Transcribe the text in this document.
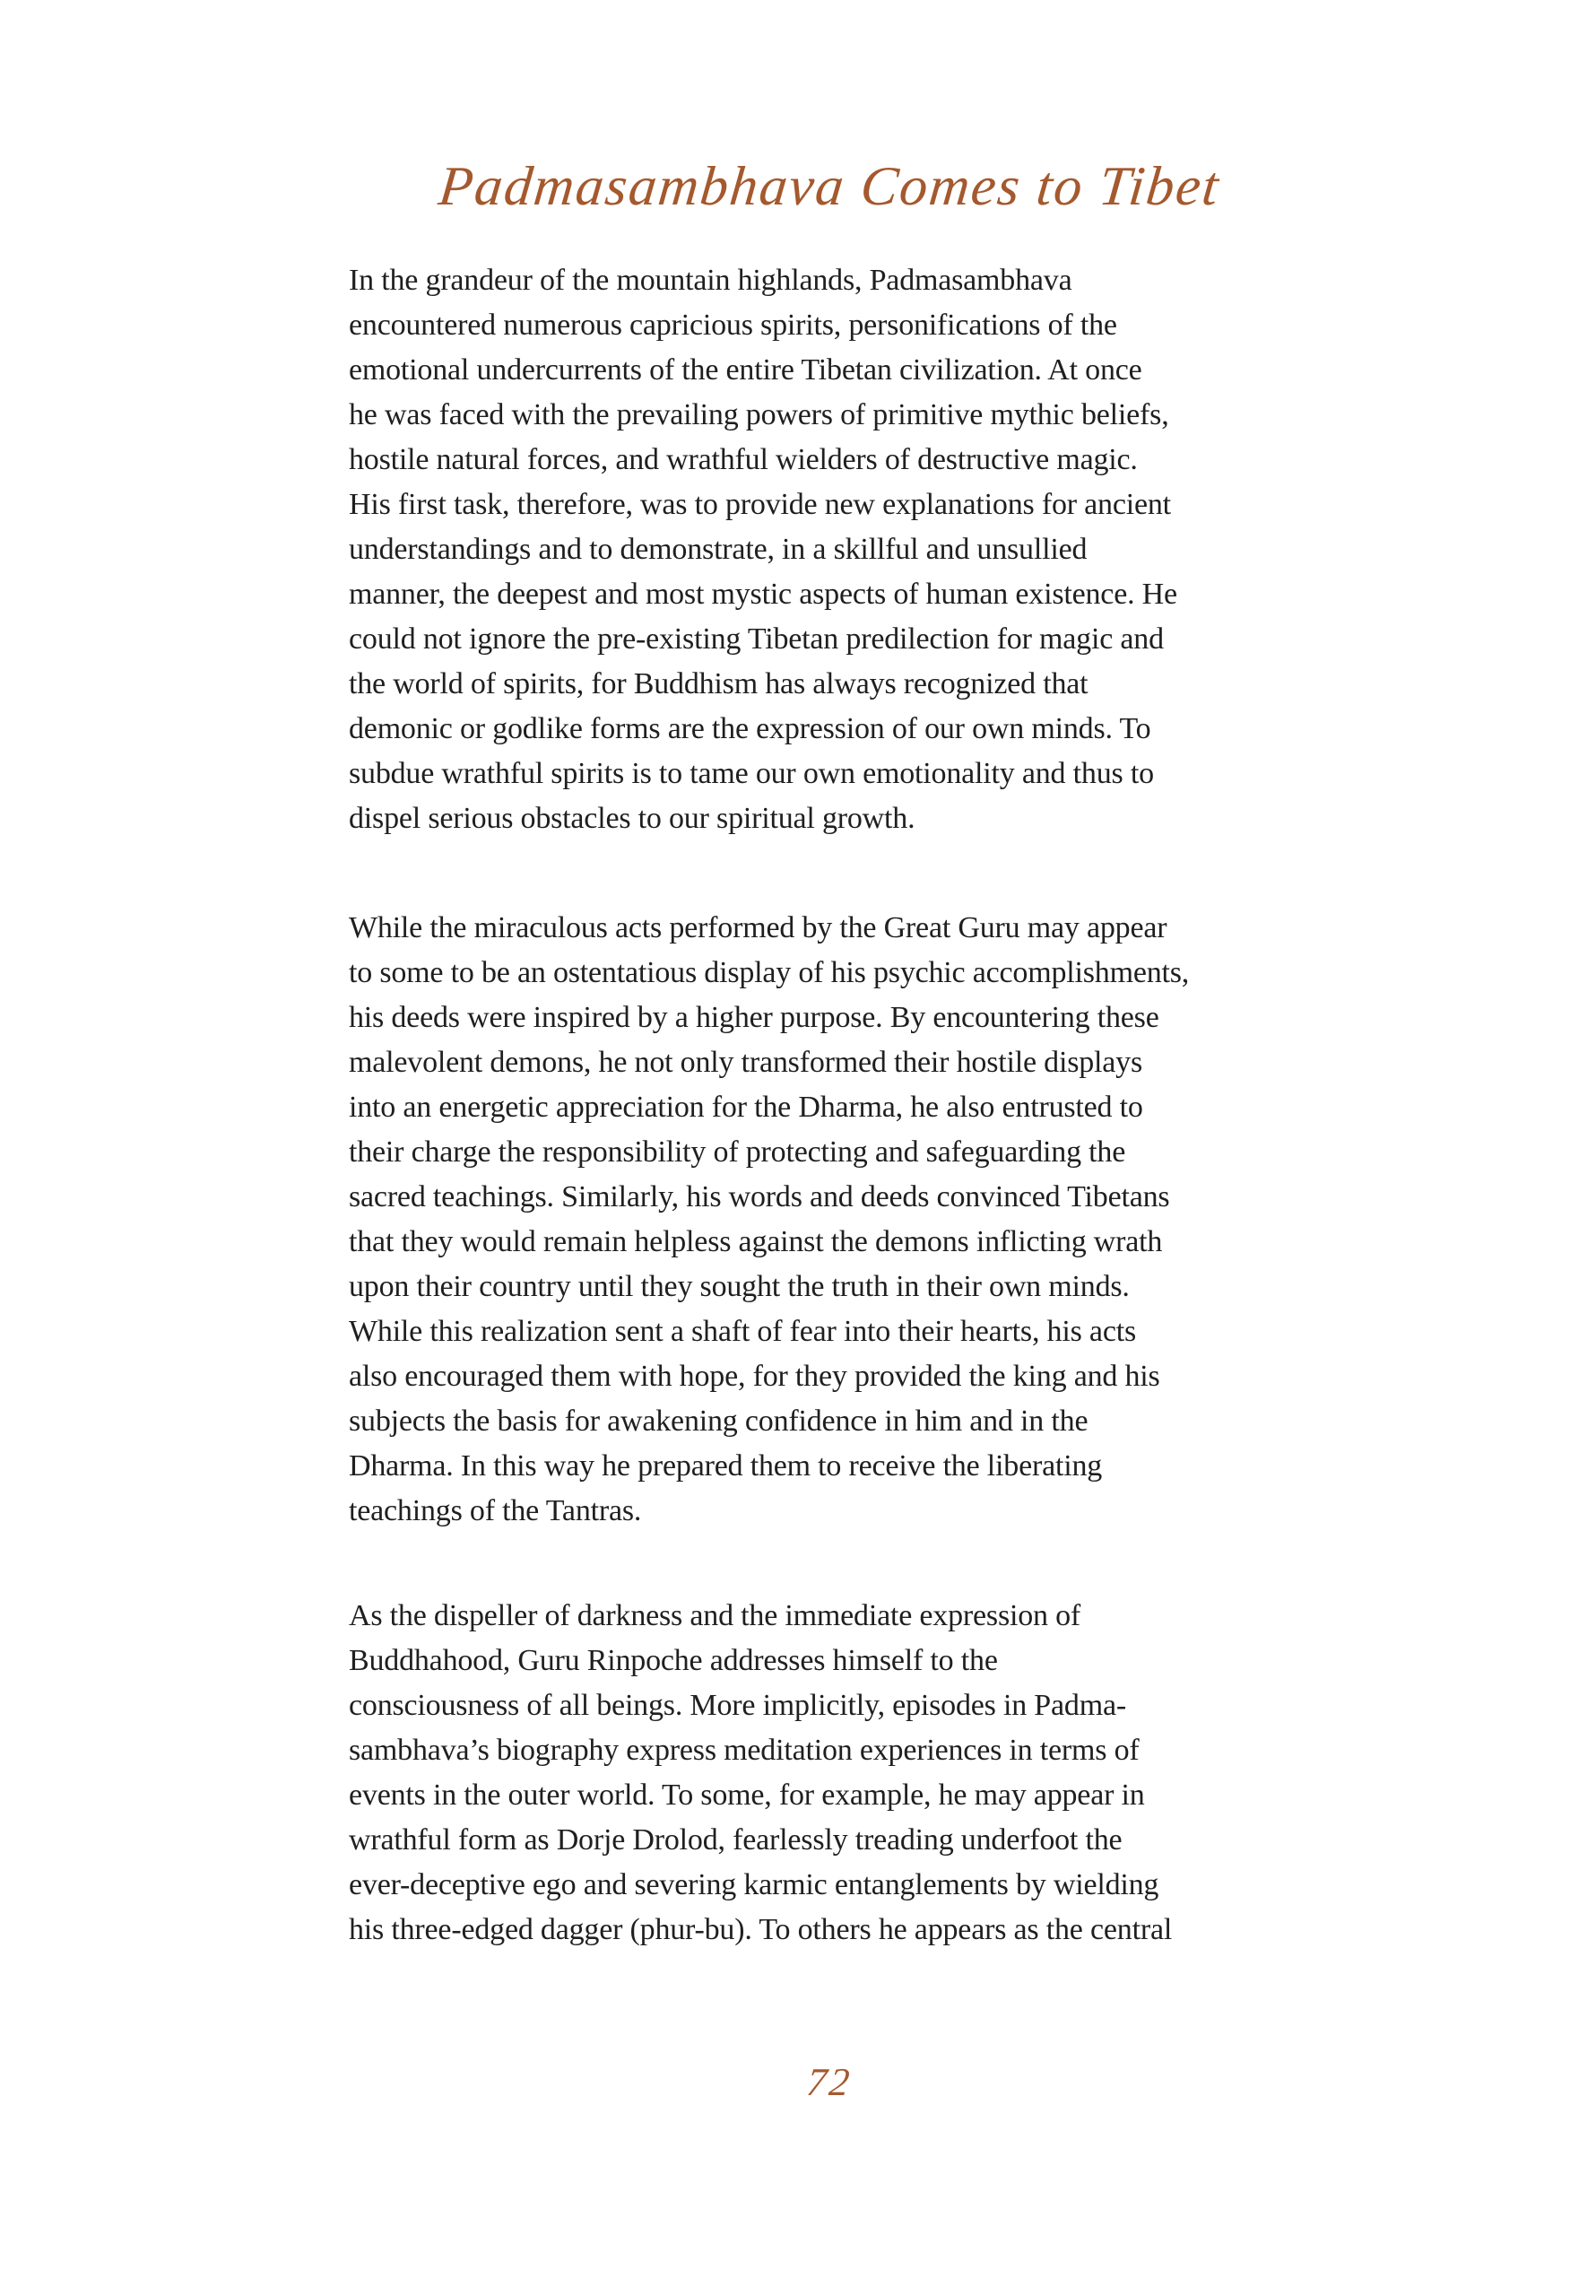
Padmasambhava Comes to Tibet

In the grandeur of the mountain highlands, Padmasambhava
encountered numerous capricious spirits, personifications of the
emotional undercurrents of the entire Tibetan civilization. At once
he was faced with the prevailing powers of primitive mythic beliefs,
hostile natural forces, and wrathful wielders of destructive magic.
His first task, therefore, was to provide new explanations for ancient
understandings and to demonstrate, in a skillful and unsullied
manner, the deepest and most mystic aspects of human existence. He
could not ignore the pre-existing Tibetan predilection for magic and
the world of spirits, for Buddhism has always recognized that
demonic or godlike forms are the expression of our own minds. To
subdue wrathful spirits is to tame our own emotionality and thus to
dispel serious obstacles to our spiritual growth.

While the miraculous acts performed by the Great Guru may appear
to some to be an ostentatious display of his psychic accomplishments,
his deeds were inspired by a higher purpose. By encountering these
malevolent demons, he not only transformed their hostile displays
into an energetic appreciation for the Dharma, he also entrusted to
their charge the responsibility of protecting and safeguarding the
sacred teachings. Similarly, his words and deeds convinced Tibetans
that they would remain helpless against the demons inflicting wrath
upon their country until they sought the truth in their own minds.
While this realization sent a shaft of fear into their hearts, his acts
also encouraged them with hope, for they provided the king and his
subjects the basis for awakening confidence in him and in the
Dharma. In this way he prepared them to receive the liberating
teachings of the Tantras.

As the dispeller of darkness and the immediate expression of
Buddhahood, Guru Rinpoche addresses himself to the
consciousness of all beings. More implicitly, episodes in Padma-
sambhava’s biography express meditation experiences in terms of
events in the outer world. To some, for example, he may appear in
wrathful form as Dorje Drolod, fearlessly treading underfoot the
ever-deceptive ego and severing karmic entanglements by wielding
his three-edged dagger (phur-bu). To others he appears as the central

72
